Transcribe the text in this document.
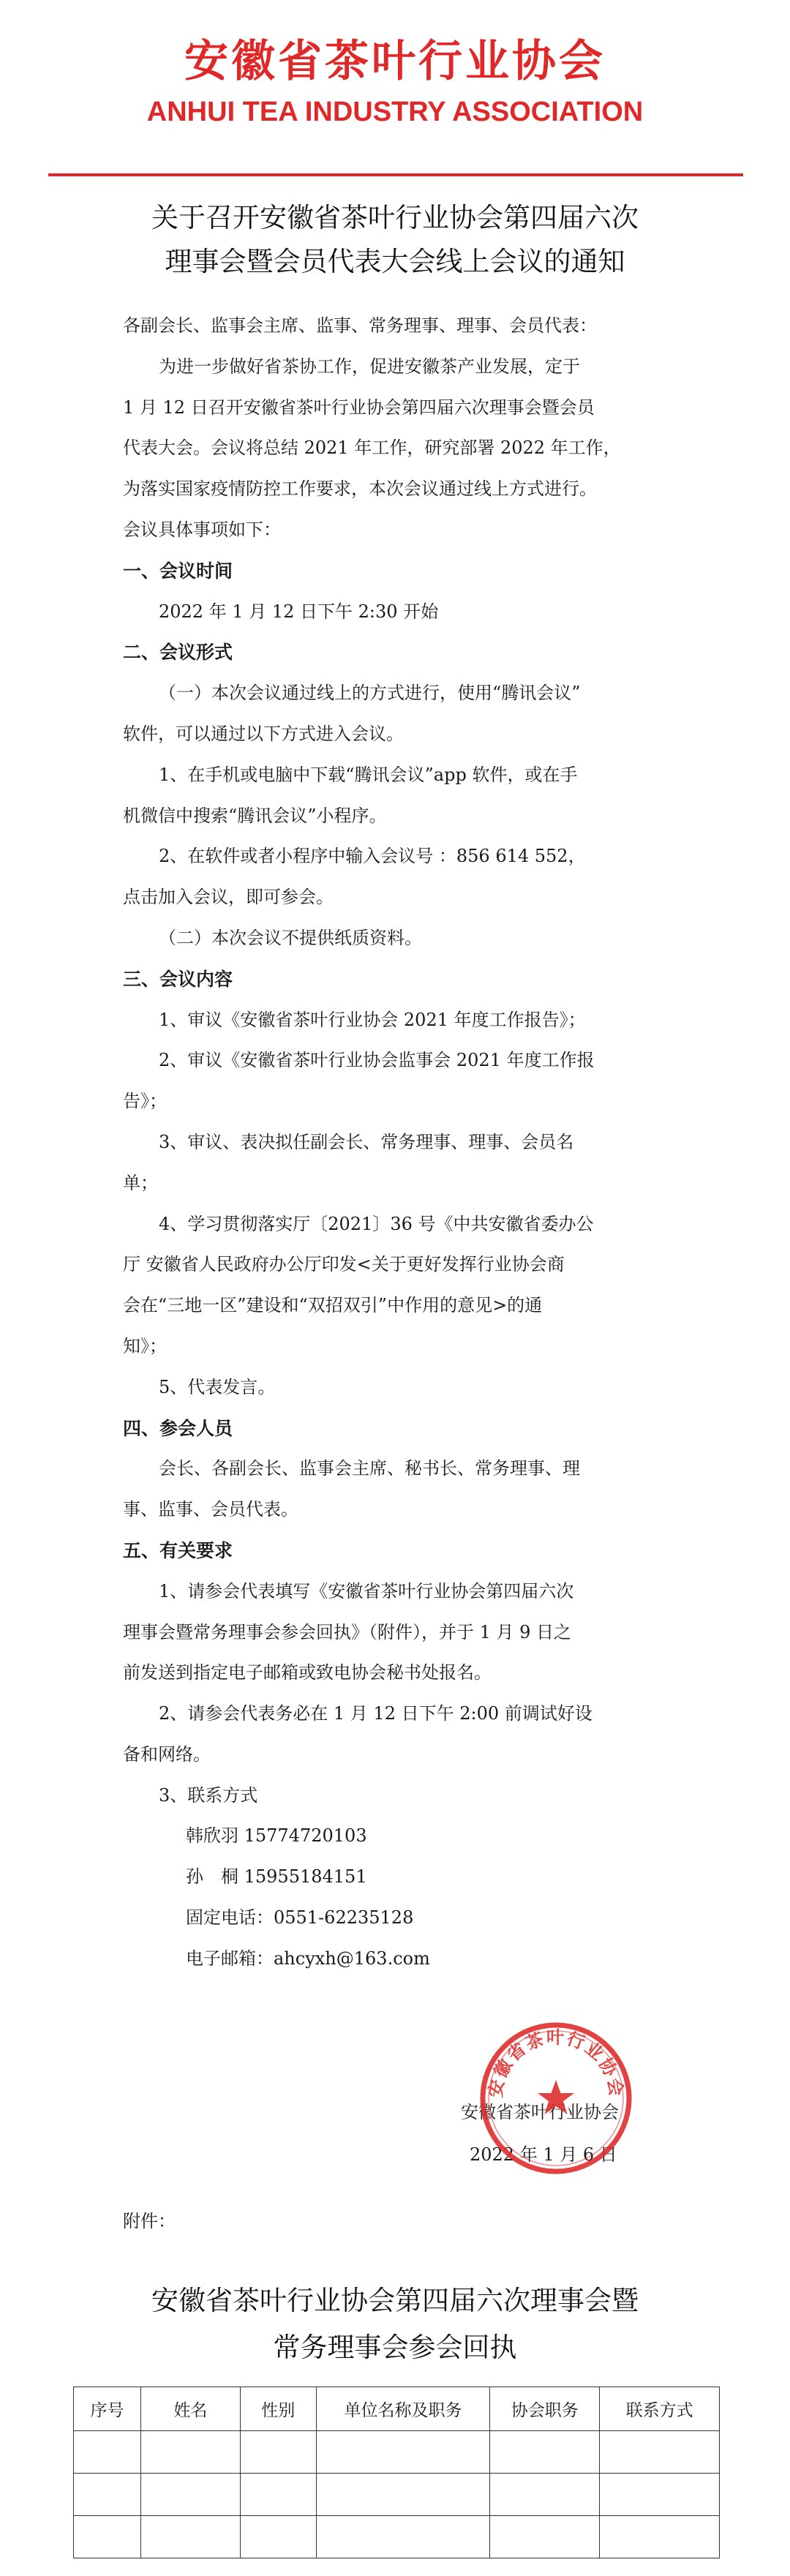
安徽省茶叶行业协会
ANHUI TEA INDUSTRY ASSOCIATION
关于召开安徽省茶叶行业协会第四届六次
理事会暨会员代表大会线上会议的通知

各副会长、监事会主席、监事、常务理事、理事、会员代表：

为进一步做好省茶协工作，促进安徽茶产业发展，定于

1 月 12 日召开安徽省茶叶行业协会第四届六次理事会暨会员

代表大会。会议将总结 2021 年工作，研究部署 2022 年工作，

为落实国家疫情防控工作要求，本次会议通过线上方式进行。

会议具体事项如下：

一、会议时间

2022 年 1 月 12 日下午 2:30 开始

二、会议形式

（一）本次会议通过线上的方式进行，使用“腾讯会议”

软件，可以通过以下方式进入会议。

1、在手机或电脑中下载“腾讯会议”app 软件，或在手

机微信中搜索“腾讯会议”小程序。

2、在软件或者小程序中输入会议号 ：856 614 552，

点击加入会议，即可参会。

（二）本次会议不提供纸质资料。

三、会议内容

1、审议《安徽省茶叶行业协会 2021 年度工作报告》；

2、审议《安徽省茶叶行业协会监事会 2021 年度工作报

告》；

3、审议、表决拟任副会长、常务理事、理事、会员名

单；

4、学习贯彻落实厅〔2021〕36 号《中共安徽省委办公

厅 安徽省人民政府办公厅印发<关于更好发挥行业协会商

会在“三地一区”建设和“双招双引”中作用的意见>的通

知》；

5、代表发言。

四、参会人员

会长、各副会长、监事会主席、秘书长、常务理事、理

事、监事、会员代表。

五、有关要求

1、请参会代表填写《安徽省茶叶行业协会第四届六次

理事会暨常务理事会参会回执》（附件），并于 1 月 9 日之

前发送到指定电子邮箱或致电协会秘书处报名。

2、请参会代表务必在 1 月 12 日下午 2:00 前调试好设

备和网络。

3、联系方式

韩欣羽 15774720103

孙　桐 15955184151

固定电话：0551-62235128

电子邮箱：ahcyxh@163.com

安徽省茶叶行业协会
2022 年 1 月 6 日
安徽省茶叶行业协会
附件：
安徽省茶叶行业协会第四届六次理事会暨
常务理事会参会回执
序号	姓名	性别	单位名称及职务	协会职务	联系方式
